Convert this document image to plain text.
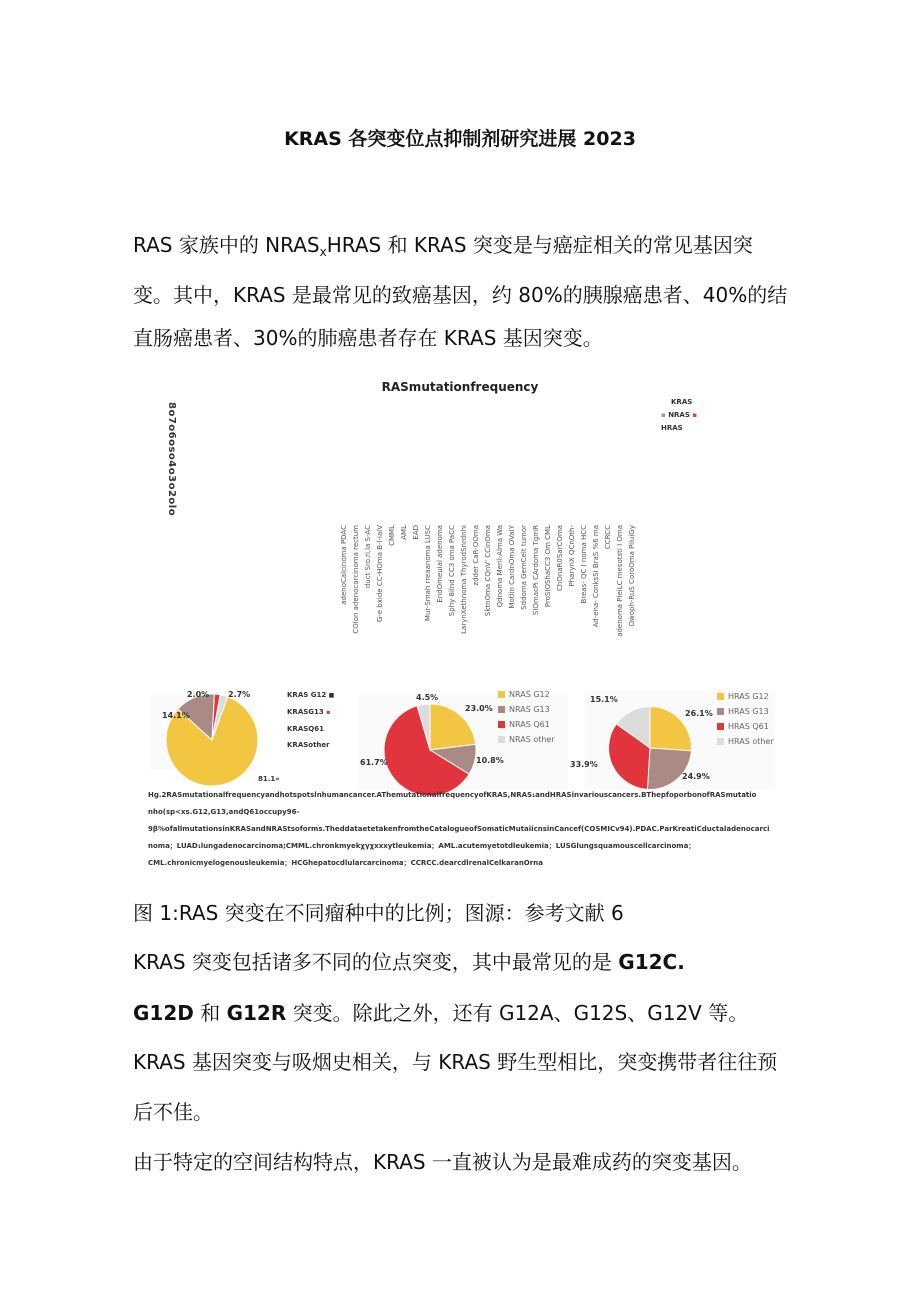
KRAS 各突变位点抑制剂研究进展 2023
RAS 家族中的 $NRAS_xHRAS$ 和 KRAS 突变是与癌症相关的常见基因突
变。其中，KRAS 是最常见的致癌基因，约 80%的胰腺癌患者、40%的结
直肠癌患者、30%的肺癌患者存在 KRAS 基因突变。
RASmutationfrequency
KRAS
▪ NRAS ▪
HRAS
8o7o6oso4o3o2olo
adenoCalcinoma PDAC COlon adenocarcinoma rectum duct Sro.ri,la S-AC G-e bxide CC-HOma B-l-iaiV CMML AML EAD Mur-Smah rreaanoma LUSC EndOmeuial adenoma Sphy 8ilnd CC3 oma PaCC LarynXethnoma ThyrodSnrdnhi zdder CaR-OOma SktnOma CQnV' CCinOma Qdnoma Meril-Alma Wa Motlin CardnOma OVaIY Sddoma GemCelt tumor SIOmacPi CArdoma TgmR ProSIOShaCC3 Om CML ChOnaR0SarCOma PharynX QCnOth- Breas- QC I noma HCC Ad-ena- ConksSi BraS %6 ma CCRCC adenoma PleiLC mesotsti I Oma Owoph-RuS CoroOma PiluiGy
2.0% 2.7%
14.1%
81.1«
KRAS G12 ■
KRASG13 ▪
KRASQ61
KRASother
4.5%
23.0%
10.8%
61.7%
NRAS G12
NRAS G13
NRAS Q61
NRAS other
15.1%
26.1%
24.9%
33.9%
HRAS G12
HRAS G13
HRAS Q61
HRAS other
Hg.2RASmutationalfrequencyandhotspotslnhumancancer.AThemutationalfrequencyofKRAS,NRAS₁andHRASinvariouscancers.BThepfoporbonofRASmutatio
nho(sp<xs.G12,G13,andQ61occupy96-
9β%ofallmutationsinKRASandNRAStsoforms.TheddataetetakenfromtheCatalogueofSomaticMutaiicnsinCancef(COSMICv94).PDAC.ParKreatiCductaladenocarci
noma；LUAD₁lungadenocarcinoma;CMML.chronkmyekχγχxxxytleukemia；AML.acutemyetotdleukemia；LUSGlungsquamouscellcarcinoma；
CML.chronicmyelogenousleukemia；HCGhepatocdlularcarcinoma；CCRCC.dearcdlrenalCelkaranOrna
图 1:RAS 突变在不同瘤种中的比例；图源：参考文献 6
KRAS 突变包括诸多不同的位点突变，其中最常见的是 G12C.
G12D 和 G12R 突变。除此之外，还有 G12A、G12S、G12V 等。
KRAS 基因突变与吸烟史相关，与 KRAS 野生型相比，突变携带者往往预
后不佳。
由于特定的空间结构特点，KRAS 一直被认为是最难成药的突变基因。
